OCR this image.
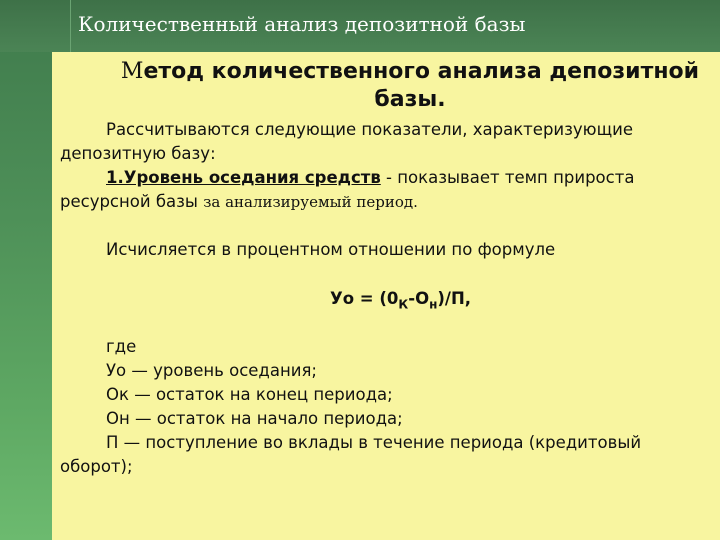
Количественный анализ депозитной базы
Метод количественного анализа депозитной
базы.
Рассчитываются следующие показатели, характеризующие
депозитную базу:
1.Уровень оседания средств - показывает темп прироста
ресурсной базы за анализируемый период.
Исчисляется в процентном отношении по формуле
Уо = $(0_К-О_н)/П$,
где
Уо — уровень оседания;
Ок — остаток на конец периода;
Он — остаток на начало периода;
П — поступление во вклады в течение периода (кредитовый
оборот);
